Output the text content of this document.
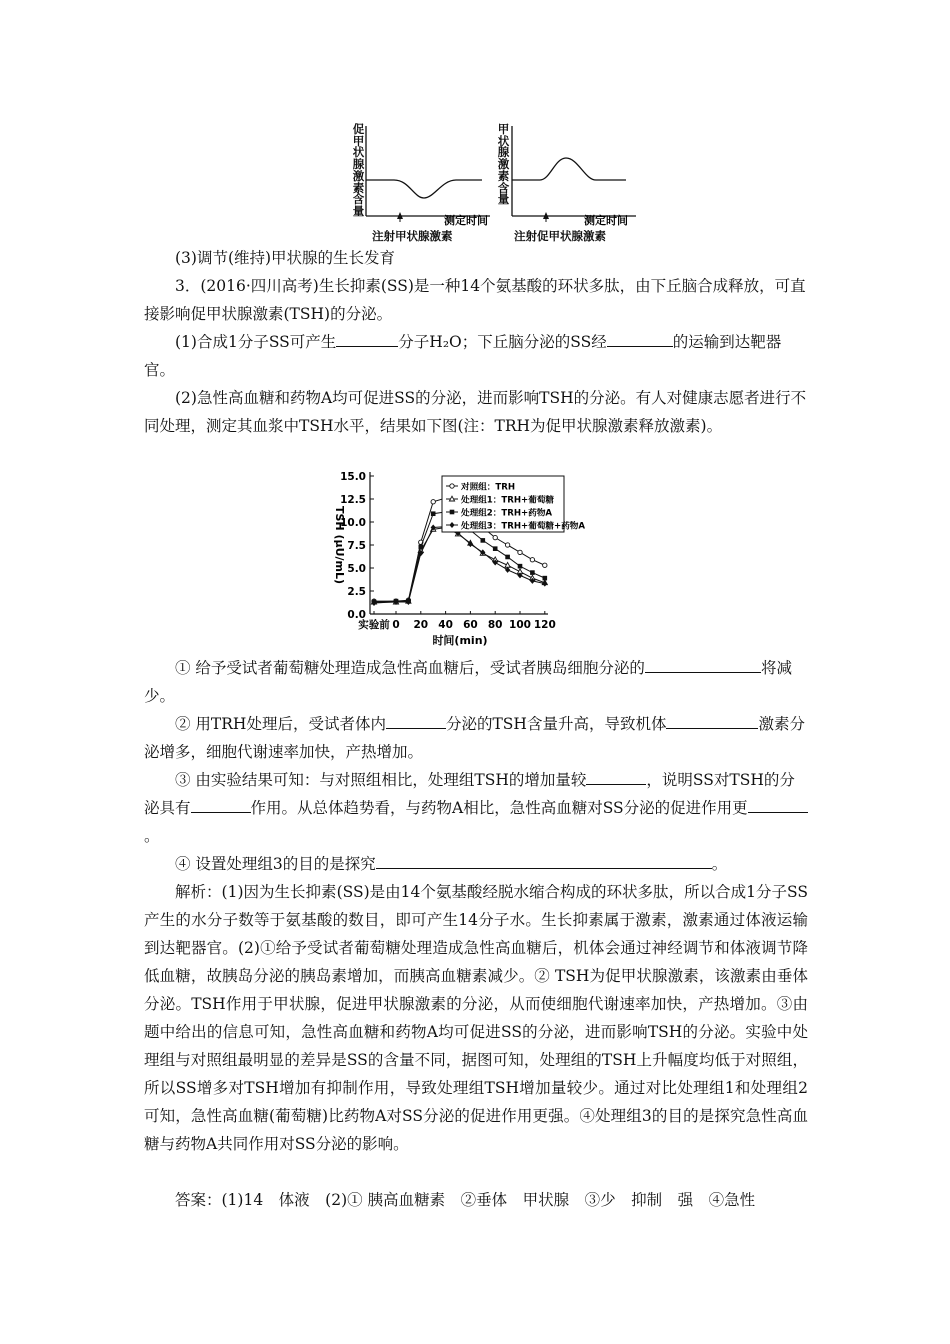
促甲状腺激素含量
测定时间
注射甲状腺激素
甲状腺激素含量
测定时间
注射促甲状腺激素

(3)调节(维持)甲状腺的生长发育

3．(2016·四川高考)生长抑素(SS)是一种14个氨基酸的环状多肽，由下丘脑合成释放，可直接影响促甲状腺激素(TSH)的分泌。

(1)合成1分子SS可产生	分子H₂O；下丘脑分泌的SS经	的运输到达靶器官。

(2)急性高血糖和药物A均可促进SS的分泌，进而影响TSH的分泌。有人对健康志愿者进行不同处理，测定其血浆中TSH水平，结果如下图(注：TRH为促甲状腺激素释放激素)。

15.0
12.5
10.0
7.5
5.0
2.5
0.0
实验前 0 20 40 60 80 100 120
时间(min)
TSH (μU/mL)
对照组：TRH
处理组1：TRH+葡萄糖
处理组2：TRH+药物A
处理组3：TRH+葡萄糖+药物A

① 给予受试者葡萄糖处理造成急性高血糖后，受试者胰岛细胞分泌的	将减少。

② 用TRH处理后，受试者体内	分泌的TSH含量升高，导致机体	激素分泌增多，细胞代谢速率加快，产热增加。

③ 由实验结果可知：与对照组相比，处理组TSH的增加量较	，说明SS对TSH的分泌具有	作用。从总体趋势看，与药物A相比，急性高血糖对SS分泌的促进作用更。

④ 设置处理组3的目的是探究	。

解析：(1)因为生长抑素(SS)是由14个氨基酸经脱水缩合构成的环状多肽，所以合成1分子SS产生的水分子数等于氨基酸的数目，即可产生14分子水。生长抑素属于激素，激素通过体液运输到达靶器官。(2)①给予受试者葡萄糖处理造成急性高血糖后，机体会通过神经调节和体液调节降低血糖，故胰岛分泌的胰岛素增加，而胰高血糖素减少。② TSH为促甲状腺激素，该激素由垂体分泌。TSH作用于甲状腺，促进甲状腺激素的分泌，从而使细胞代谢速率加快，产热增加。③由题中给出的信息可知，急性高血糖和药物A均可促进SS的分泌，进而影响TSH的分泌。实验中处理组与对照组最明显的差异是SS的含量不同，据图可知，处理组的TSH上升幅度均低于对照组，所以SS增多对TSH增加有抑制作用，导致处理组TSH增加量较少。通过对比处理组1和处理组2可知，急性高血糖(葡萄糖)比药物A对SS分泌的促进作用更强。④处理组3的目的是探究急性高血糖与药物A共同作用对SS分泌的影响。

答案：(1)14　体液　(2)① 胰高血糖素　②垂体　甲状腺　③少　抑制　强　④急性
